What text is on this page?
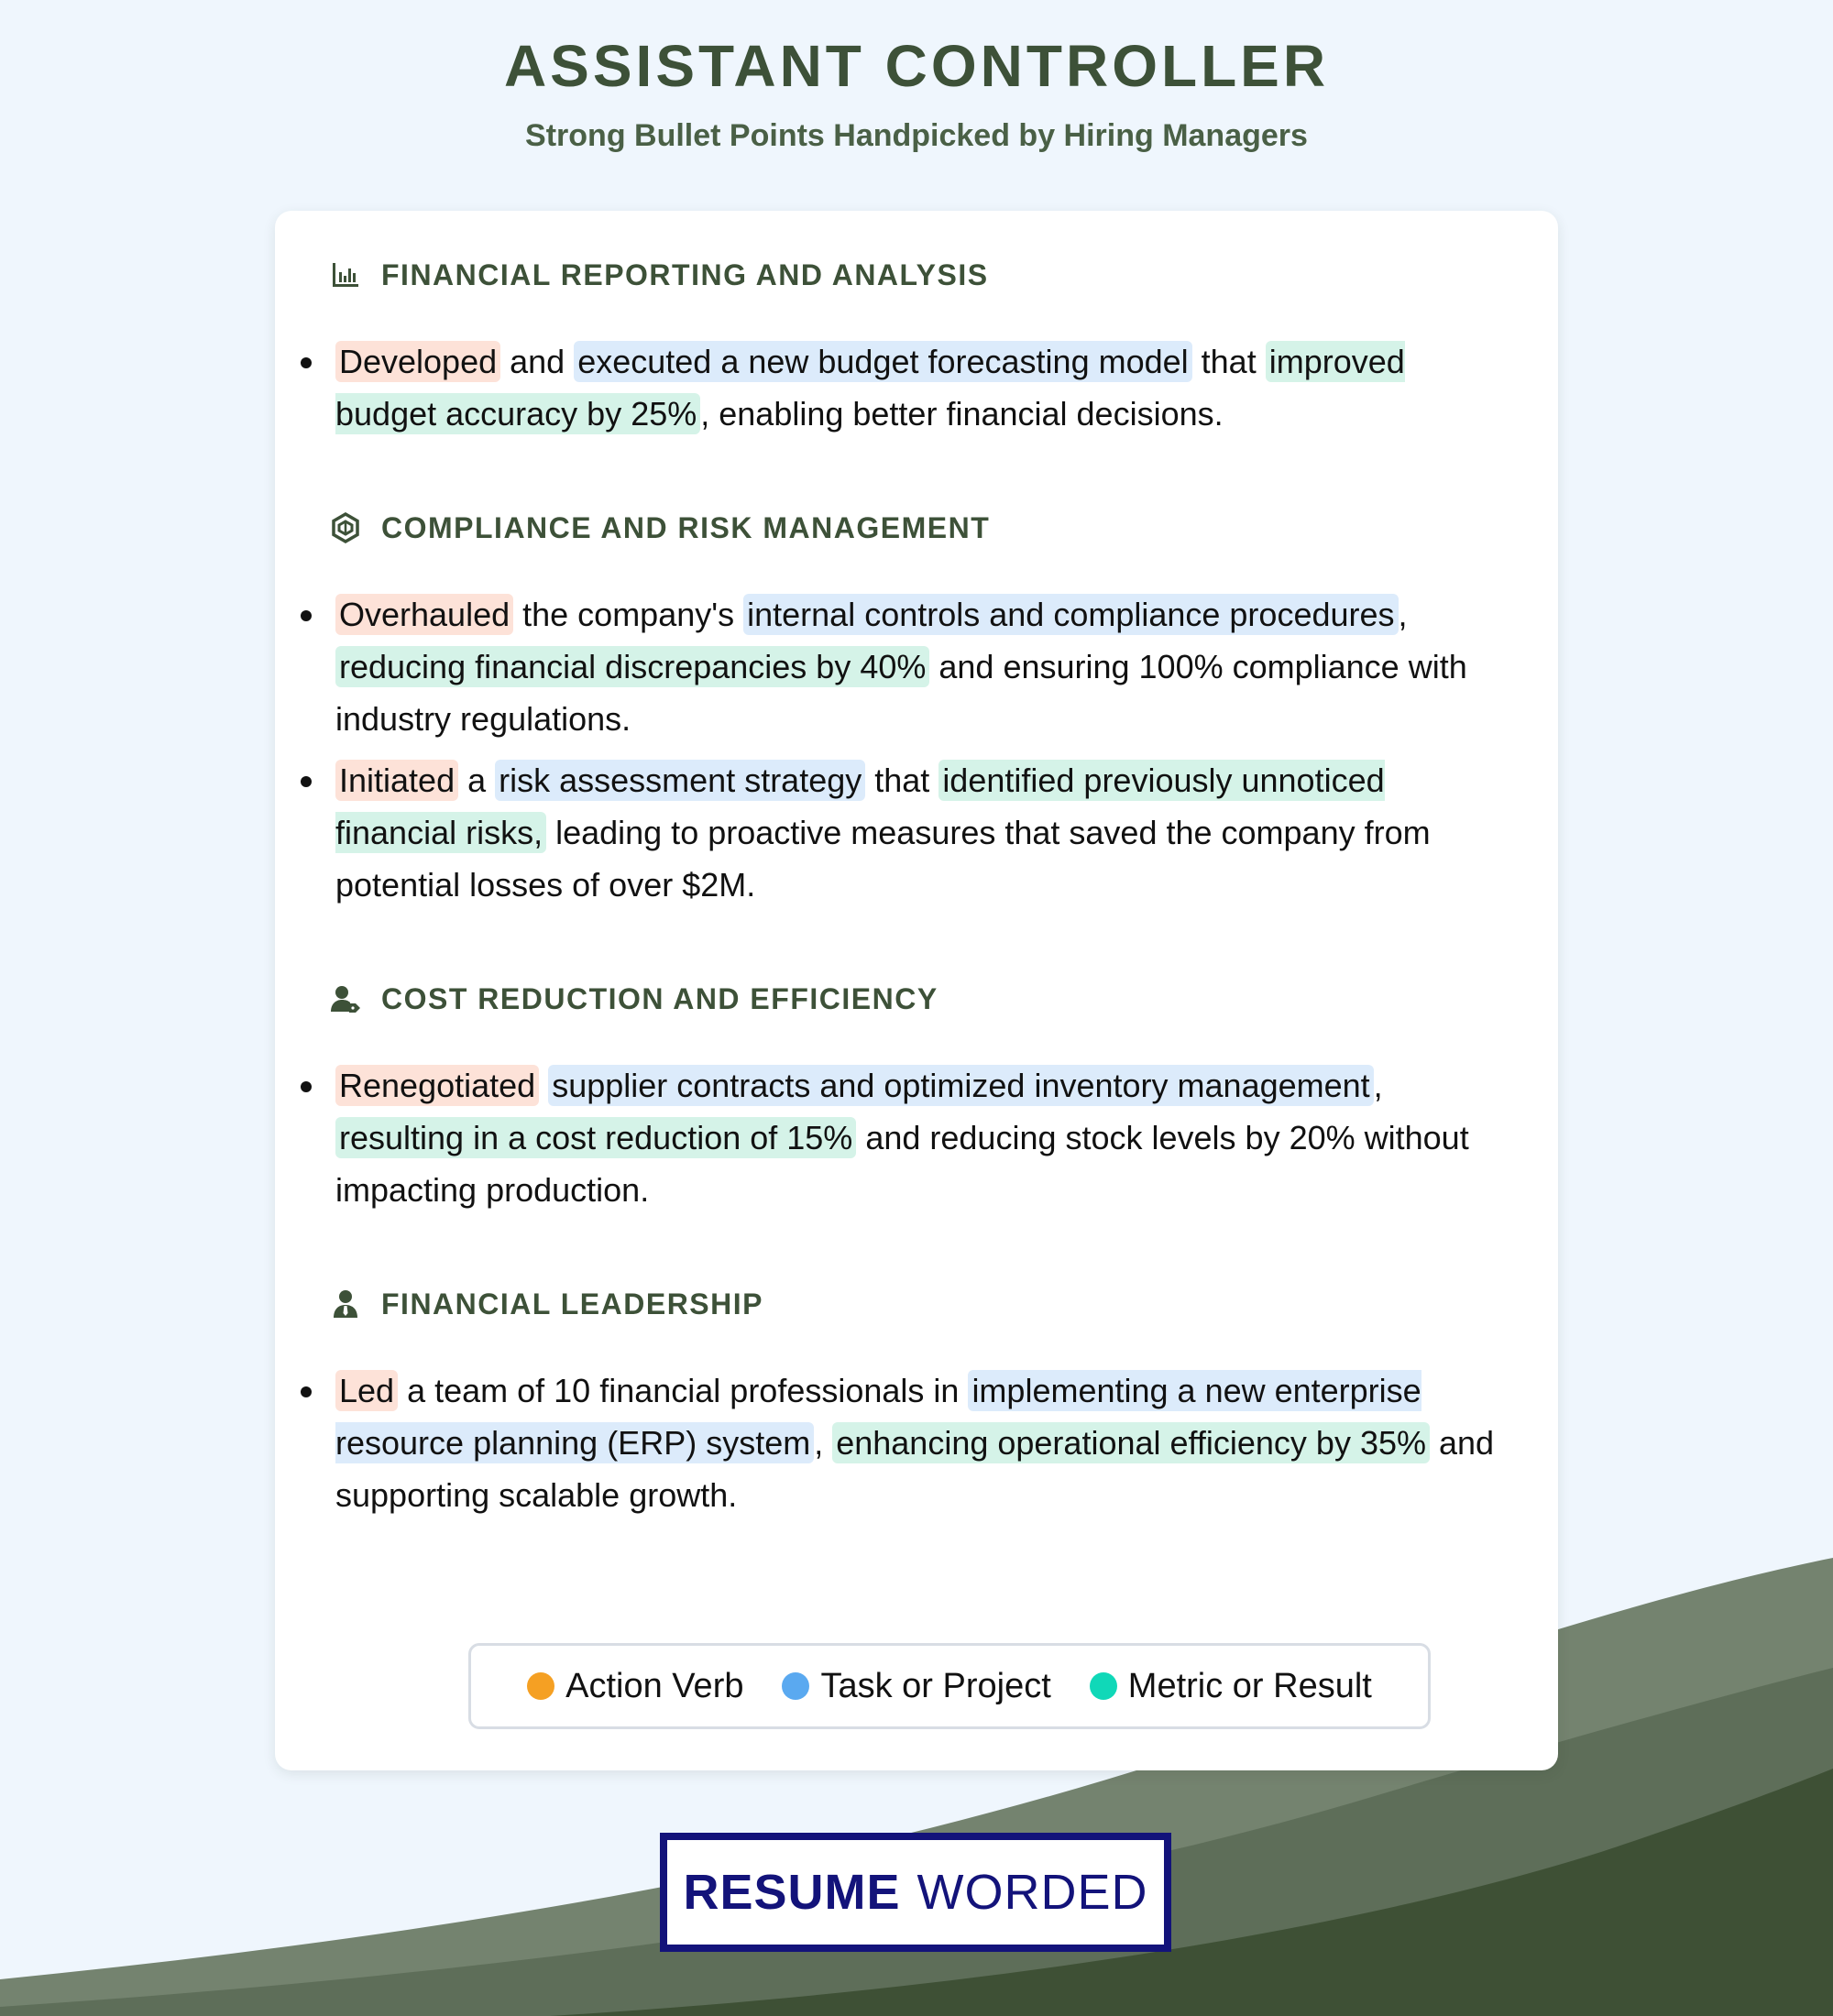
ASSISTANT CONTROLLER
Strong Bullet Points Handpicked by Hiring Managers
FINANCIAL REPORTING AND ANALYSIS
Developed and executed a new budget forecasting model that improved budget accuracy by 25% , enabling better financial decisions.
COMPLIANCE AND RISK MANAGEMENT
Overhauled the company's internal controls and compliance procedures , reducing financial discrepancies by 40% and ensuring 100% compliance with industry regulations.
Initiated a risk assessment strategy that identified previously unnoticed financial risks, leading to proactive measures that saved the company from potential losses of over $2M.
COST REDUCTION AND EFFICIENCY
Renegotiated supplier contracts and optimized inventory management , resulting in a cost reduction of 15% and reducing stock levels by 20% without impacting production.
FINANCIAL LEADERSHIP
Led a team of 10 financial professionals in implementing a new enterprise resource planning (ERP) system , enhancing operational efficiency by 35% and supporting scalable growth.
Action Verb Task or Project Metric or Result
RESUME WORDED
